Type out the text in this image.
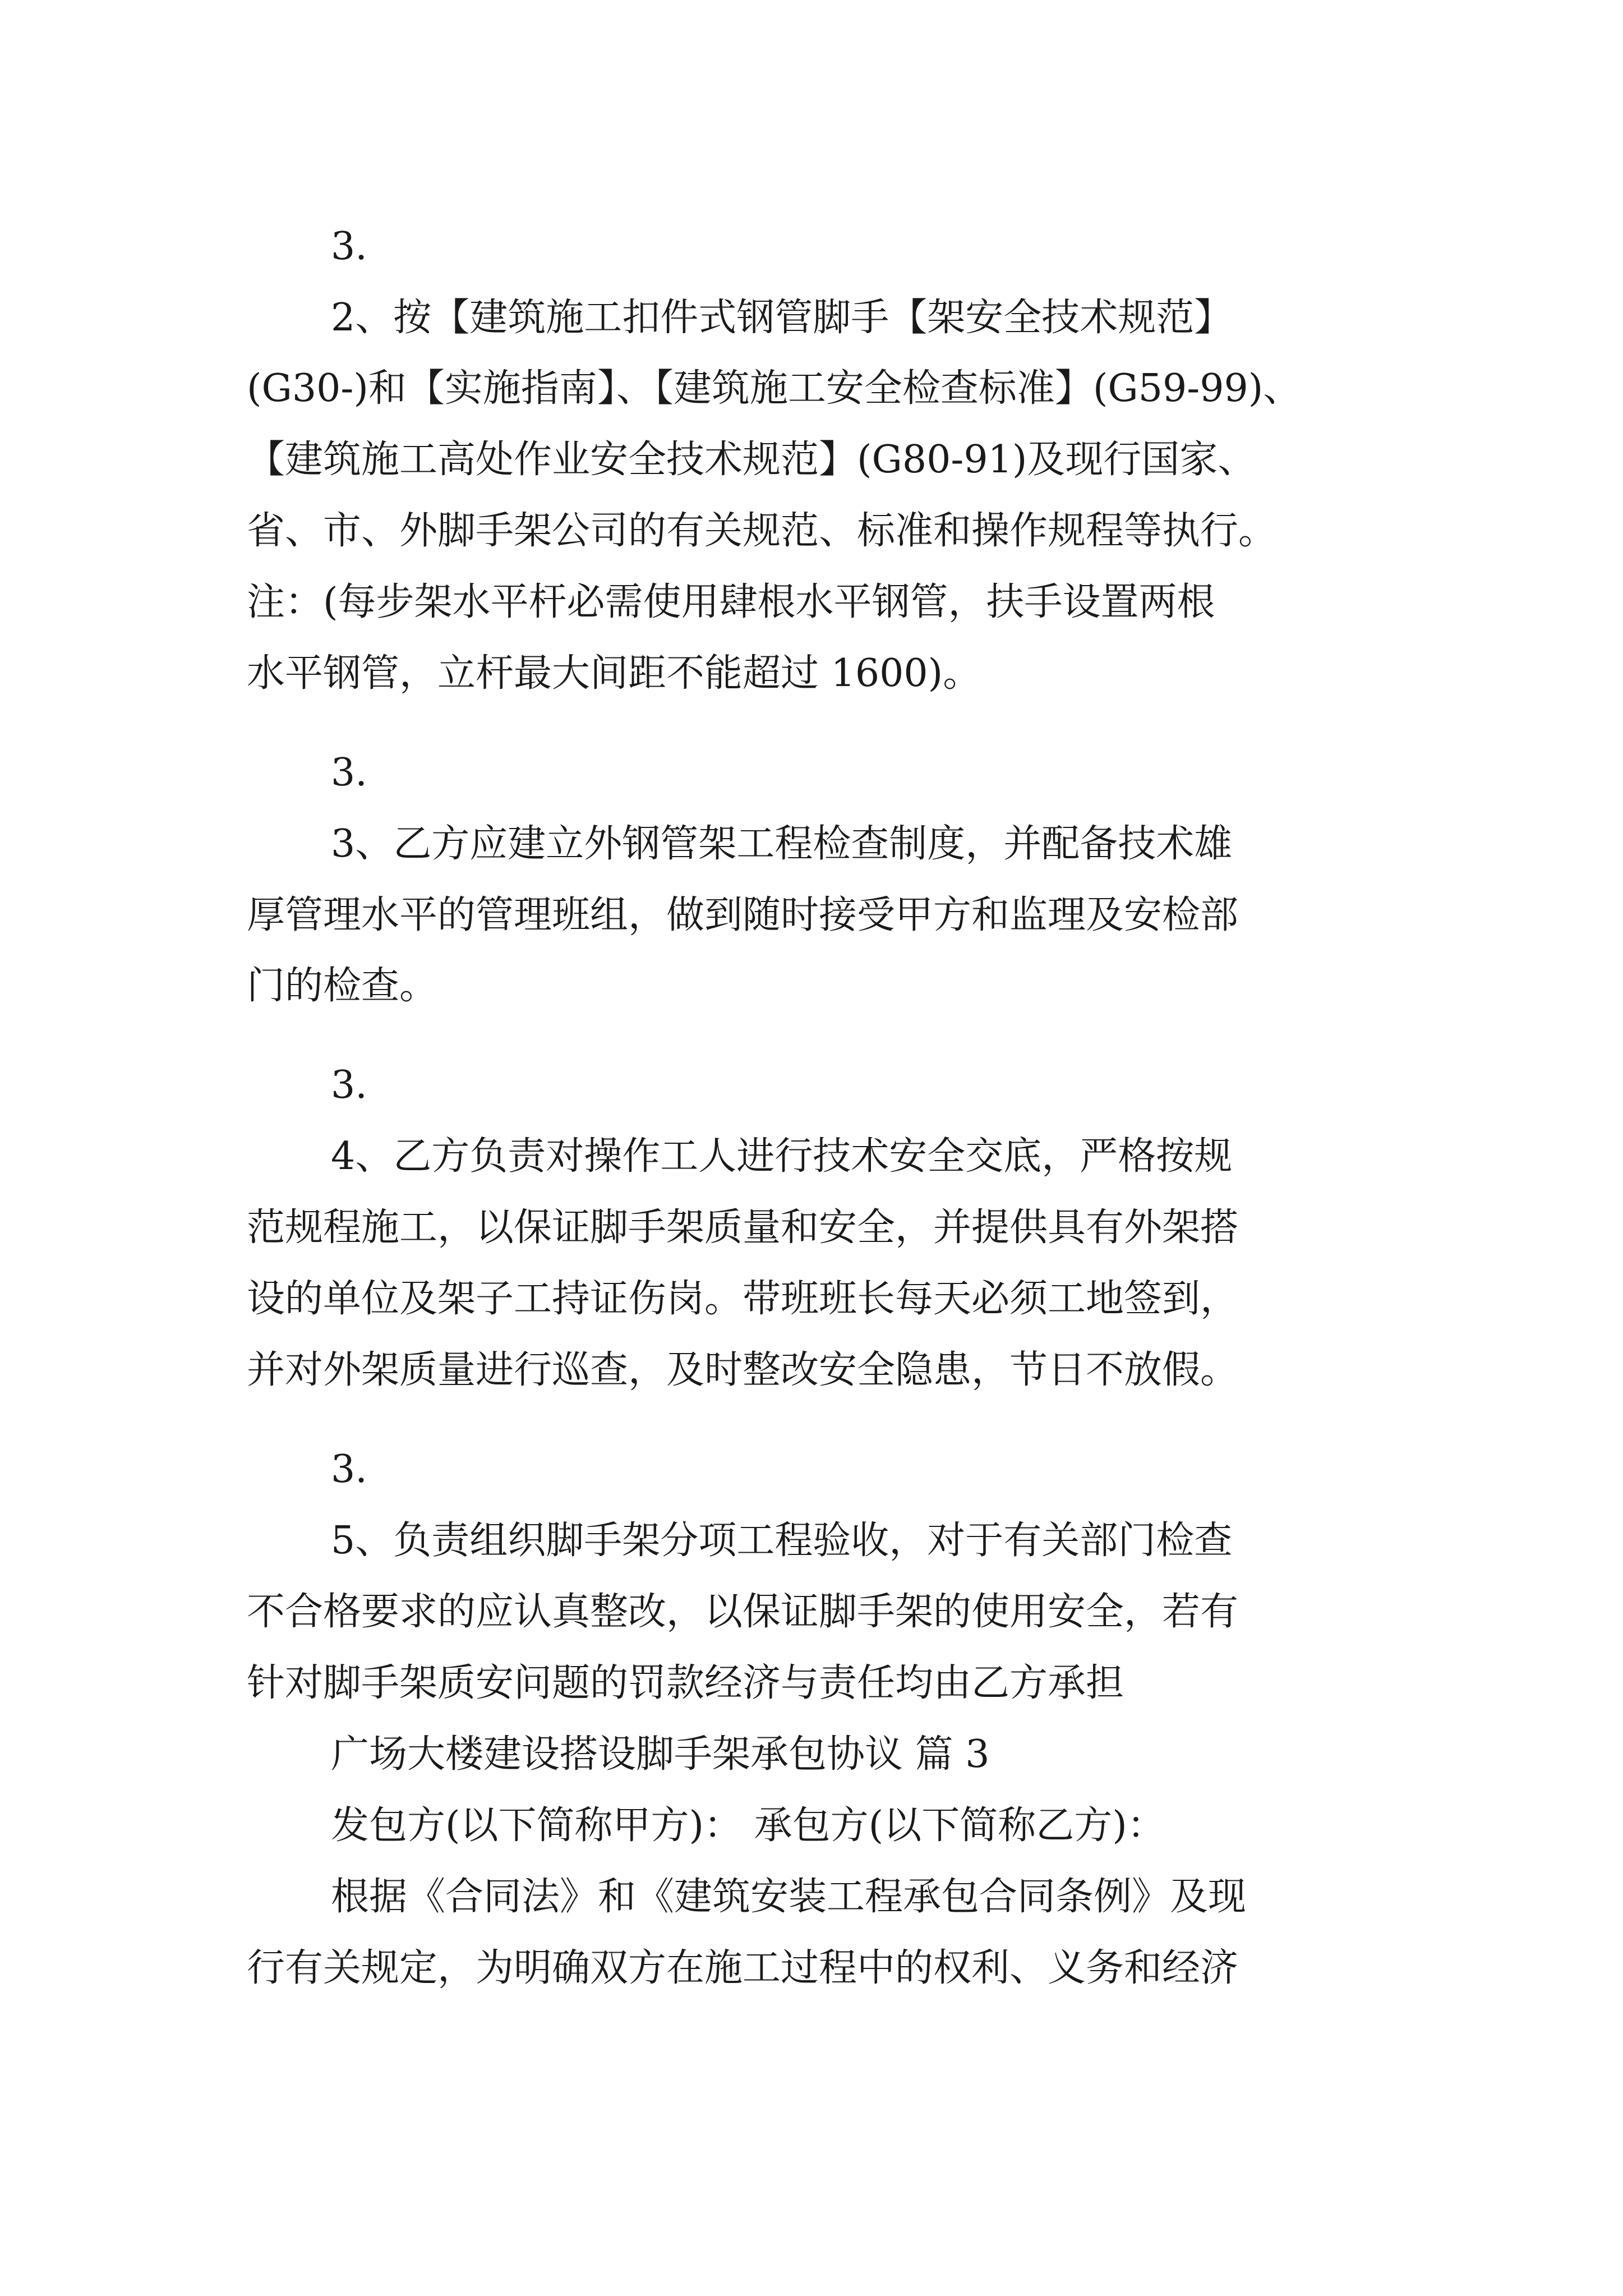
3.

2、按【建筑施工扣件式钢管脚手【架安全技术规范】

(G30-)和【实施指南】、【建筑施工安全检查标准】(G59-99)、

【建筑施工高处作业安全技术规范】(G80-91)及现行国家、

省、市、外脚手架公司的有关规范、标准和操作规程等执行。

注：(每步架水平杆必需使用肆根水平钢管，扶手设置两根

水平钢管，立杆最大间距不能超过 1600)。

3.

3、乙方应建立外钢管架工程检查制度，并配备技术雄

厚管理水平的管理班组，做到随时接受甲方和监理及安检部

门的检查。

3.

4、乙方负责对操作工人进行技术安全交底，严格按规

范规程施工，以保证脚手架质量和安全，并提供具有外架搭

设的单位及架子工持证伤岗。带班班长每天必须工地签到，

并对外架质量进行巡查，及时整改安全隐患，节日不放假。

3.

5、负责组织脚手架分项工程验收，对于有关部门检查

不合格要求的应认真整改，以保证脚手架的使用安全，若有

针对脚手架质安问题的罚款经济与责任均由乙方承担

广场大楼建设搭设脚手架承包协议 篇 3

发包方(以下简称甲方)： 承包方(以下简称乙方)：

根据《合同法》和《建筑安装工程承包合同条例》及现

行有关规定，为明确双方在施工过程中的权利、义务和经济
